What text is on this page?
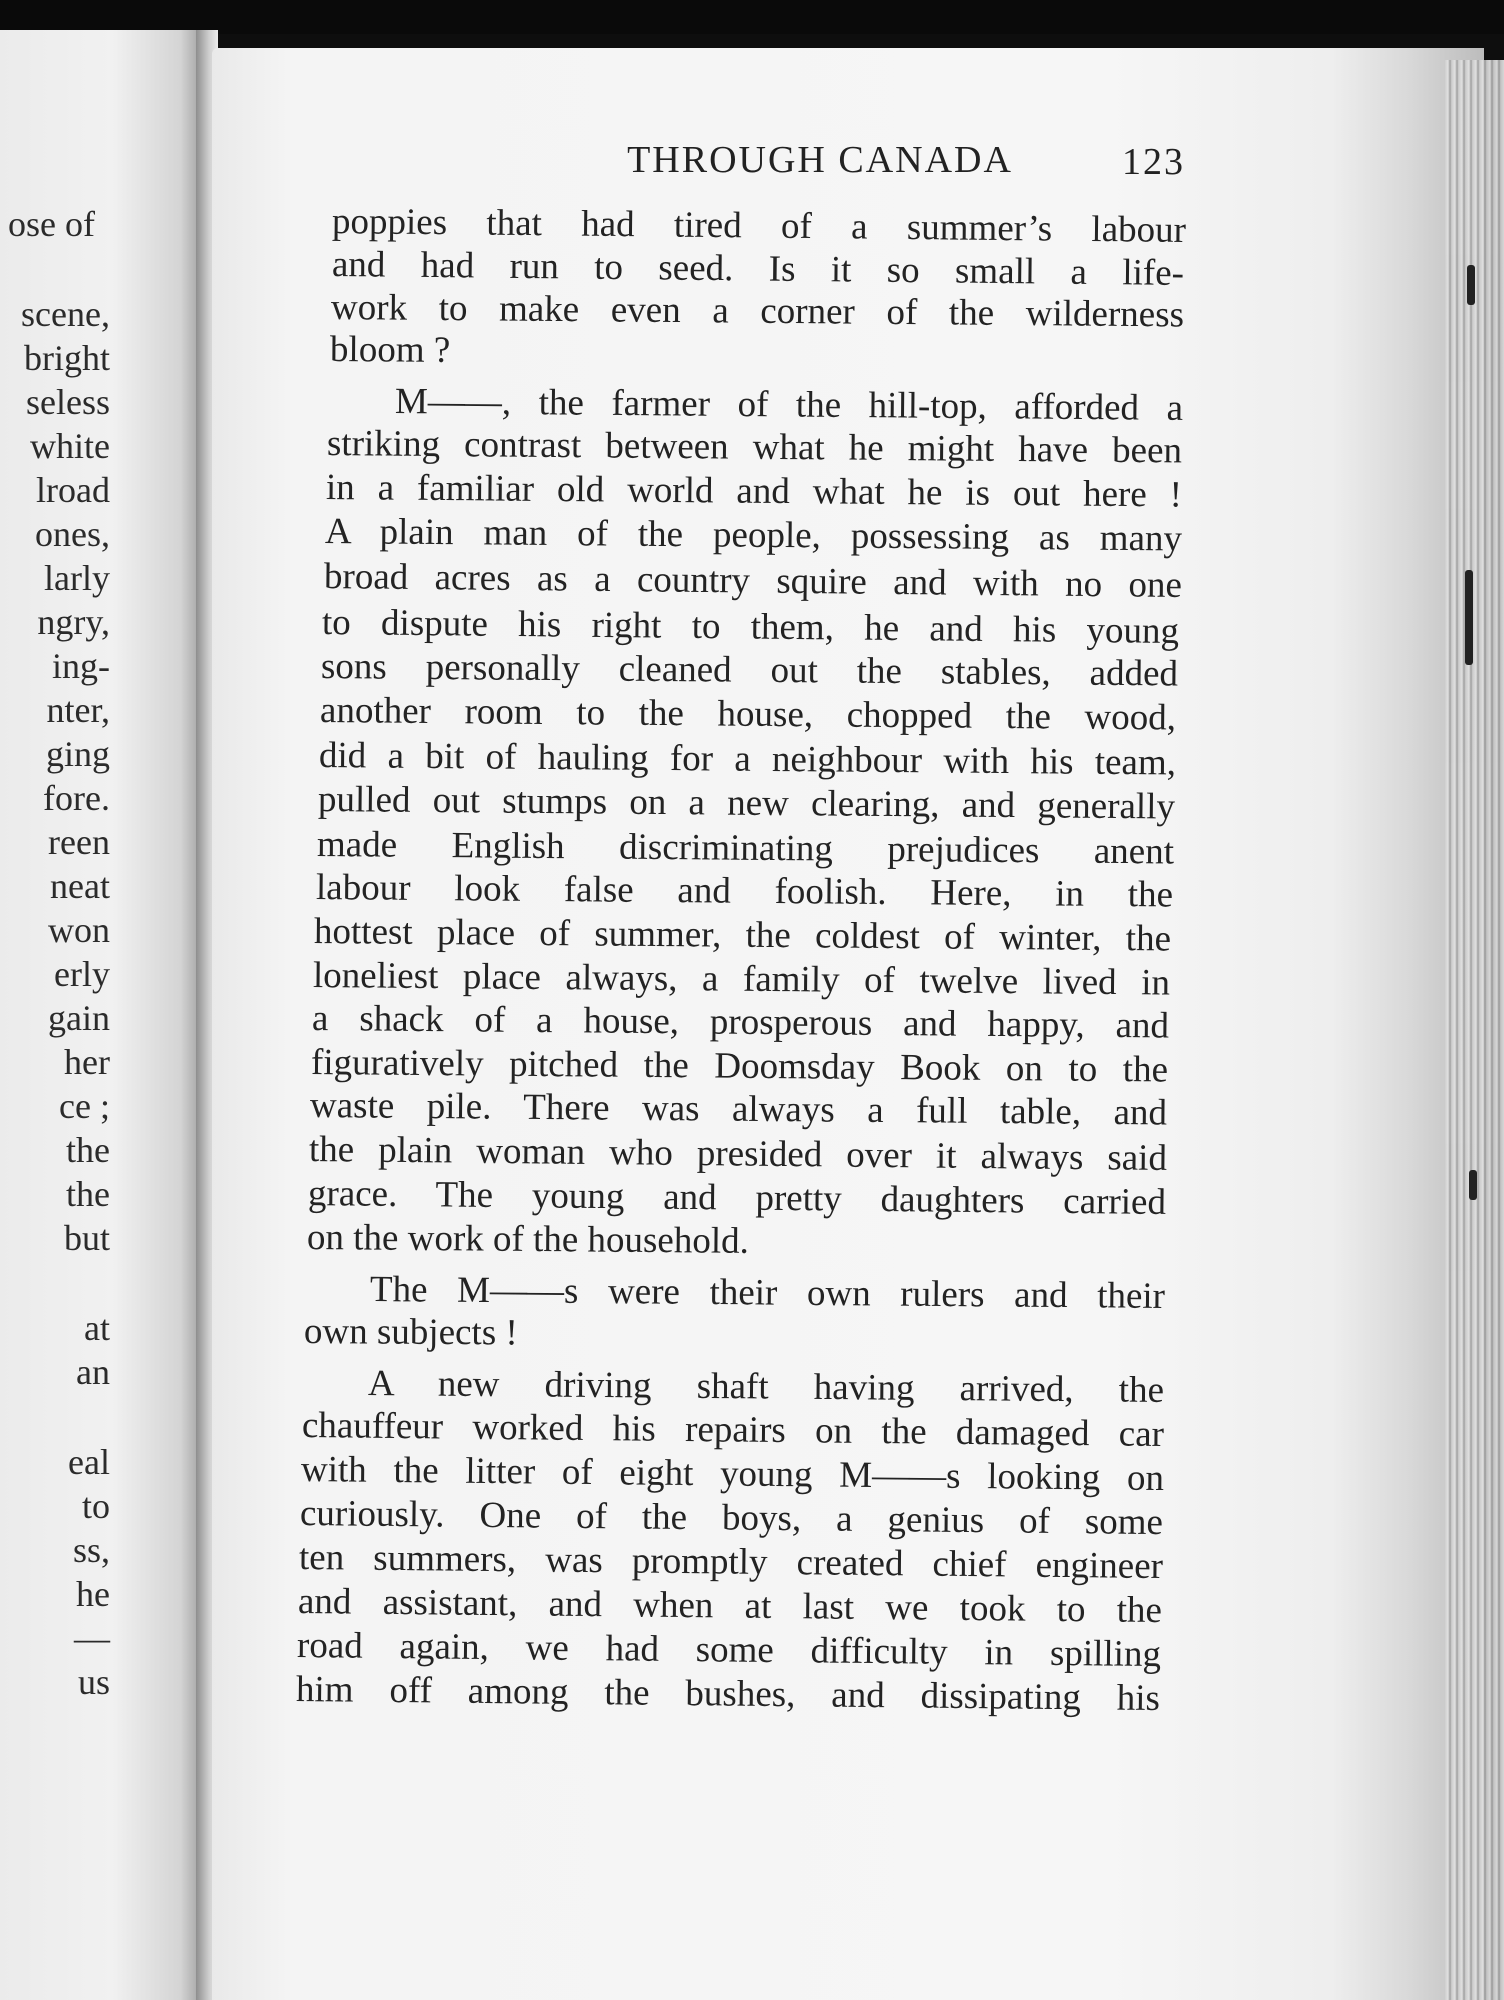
ose of
scene,
bright
seless
white
lroad
ones,
larly
ngry,
ing-
nter,
ging
fore.
reen
neat
won
erly
gain
her
ce ;
the
the
but
at
an
eal
to
ss,
he
—
us
THROUGH CANADA	123
poppies that had tired of a summer’s labour
and had run to seed. Is it so small a life-
work to make even a corner of the wilderness
bloom ?
M——, the farmer of the hill-top, afforded a
striking contrast between what he might have been
in a familiar old world and what he is out here !
A plain man of the people, possessing as many
broad acres as a country squire and with no one
to dispute his right to them, he and his young
sons personally cleaned out the stables, added
another room to the house, chopped the wood,
did a bit of hauling for a neighbour with his team,
pulled out stumps on a new clearing, and generally
made English discriminating prejudices anent
labour look false and foolish. Here, in the
hottest place of summer, the coldest of winter, the
loneliest place always, a family of twelve lived in
a shack of a house, prosperous and happy, and
figuratively pitched the Doomsday Book on to the
waste pile. There was always a full table, and
the plain woman who presided over it always said
grace. The young and pretty daughters carried
on the work of the household.
The M——s were their own rulers and their
own subjects !
A new driving shaft having arrived, the
chauffeur worked his repairs on the damaged car
with the litter of eight young M——s looking on
curiously. One of the boys, a genius of some
ten summers, was promptly created chief engineer
and assistant, and when at last we took to the
road again, we had some difficulty in spilling
him off among the bushes, and dissipating his
